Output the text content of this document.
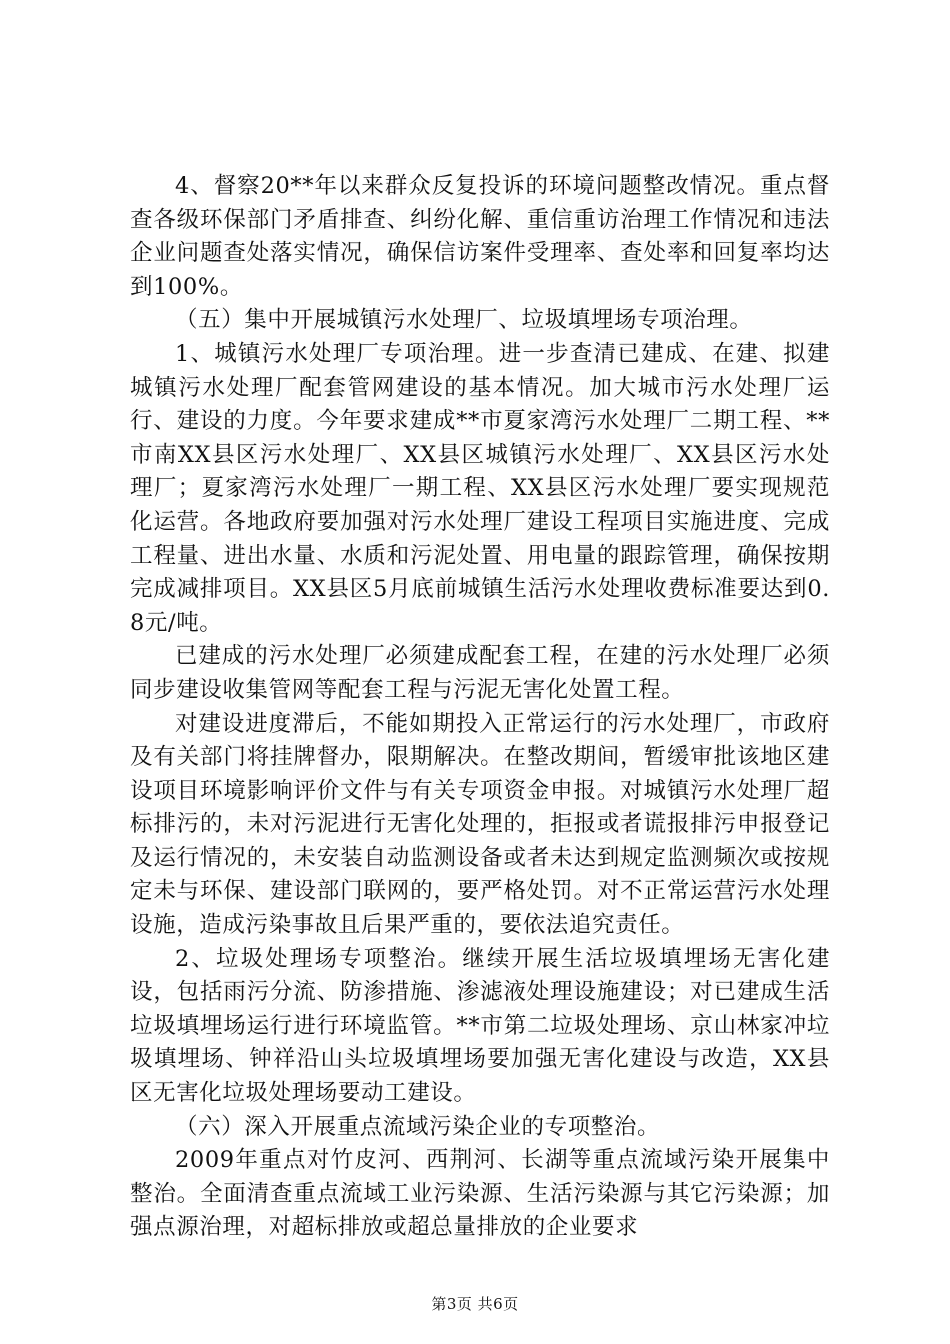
4、督察20**年以来群众反复投诉的环境问题整改情况。重点督查各级环保部门矛盾排查、纠纷化解、重信重访治理工作情况和违法企业问题查处落实情况，确保信访案件受理率、查处率和回复率均达到100%。

（五）集中开展城镇污水处理厂、垃圾填埋场专项治理。

1、城镇污水处理厂专项治理。进一步查清已建成、在建、拟建城镇污水处理厂配套管网建设的基本情况。加大城市污水处理厂运行、建设的力度。今年要求建成**市夏家湾污水处理厂二期工程、**市南XX县区污水处理厂、XX县区城镇污水处理厂、XX县区污水处理厂；夏家湾污水处理厂一期工程、XX县区污水处理厂要实现规范化运营。各地政府要加强对污水处理厂建设工程项目实施进度、完成工程量、进出水量、水质和污泥处置、用电量的跟踪管理，确保按期完成减排项目。XX县区5月底前城镇生活污水处理收费标准要达到0.8元/吨。

已建成的污水处理厂必须建成配套工程，在建的污水处理厂必须同步建设收集管网等配套工程与污泥无害化处置工程。

对建设进度滞后，不能如期投入正常运行的污水处理厂，市政府及有关部门将挂牌督办，限期解决。在整改期间，暂缓审批该地区建设项目环境影响评价文件与有关专项资金申报。对城镇污水处理厂超标排污的，未对污泥进行无害化处理的，拒报或者谎报排污申报登记及运行情况的，未安装自动监测设备或者未达到规定监测频次或按规定未与环保、建设部门联网的，要严格处罚。对不正常运营污水处理设施，造成污染事故且后果严重的，要依法追究责任。

2、垃圾处理场专项整治。继续开展生活垃圾填埋场无害化建设，包括雨污分流、防渗措施、渗滤液处理设施建设；对已建成生活垃圾填埋场运行进行环境监管。**市第二垃圾处理场、京山林家冲垃圾填埋场、钟祥沿山头垃圾填埋场要加强无害化建设与改造，XX县区无害化垃圾处理场要动工建设。

（六）深入开展重点流域污染企业的专项整治。

2009年重点对竹皮河、西荆河、长湖等重点流域污染开展集中整治。全面清查重点流域工业污染源、生活污染源与其它污染源；加强点源治理，对超标排放或超总量排放的企业要求

第3页 共6页
